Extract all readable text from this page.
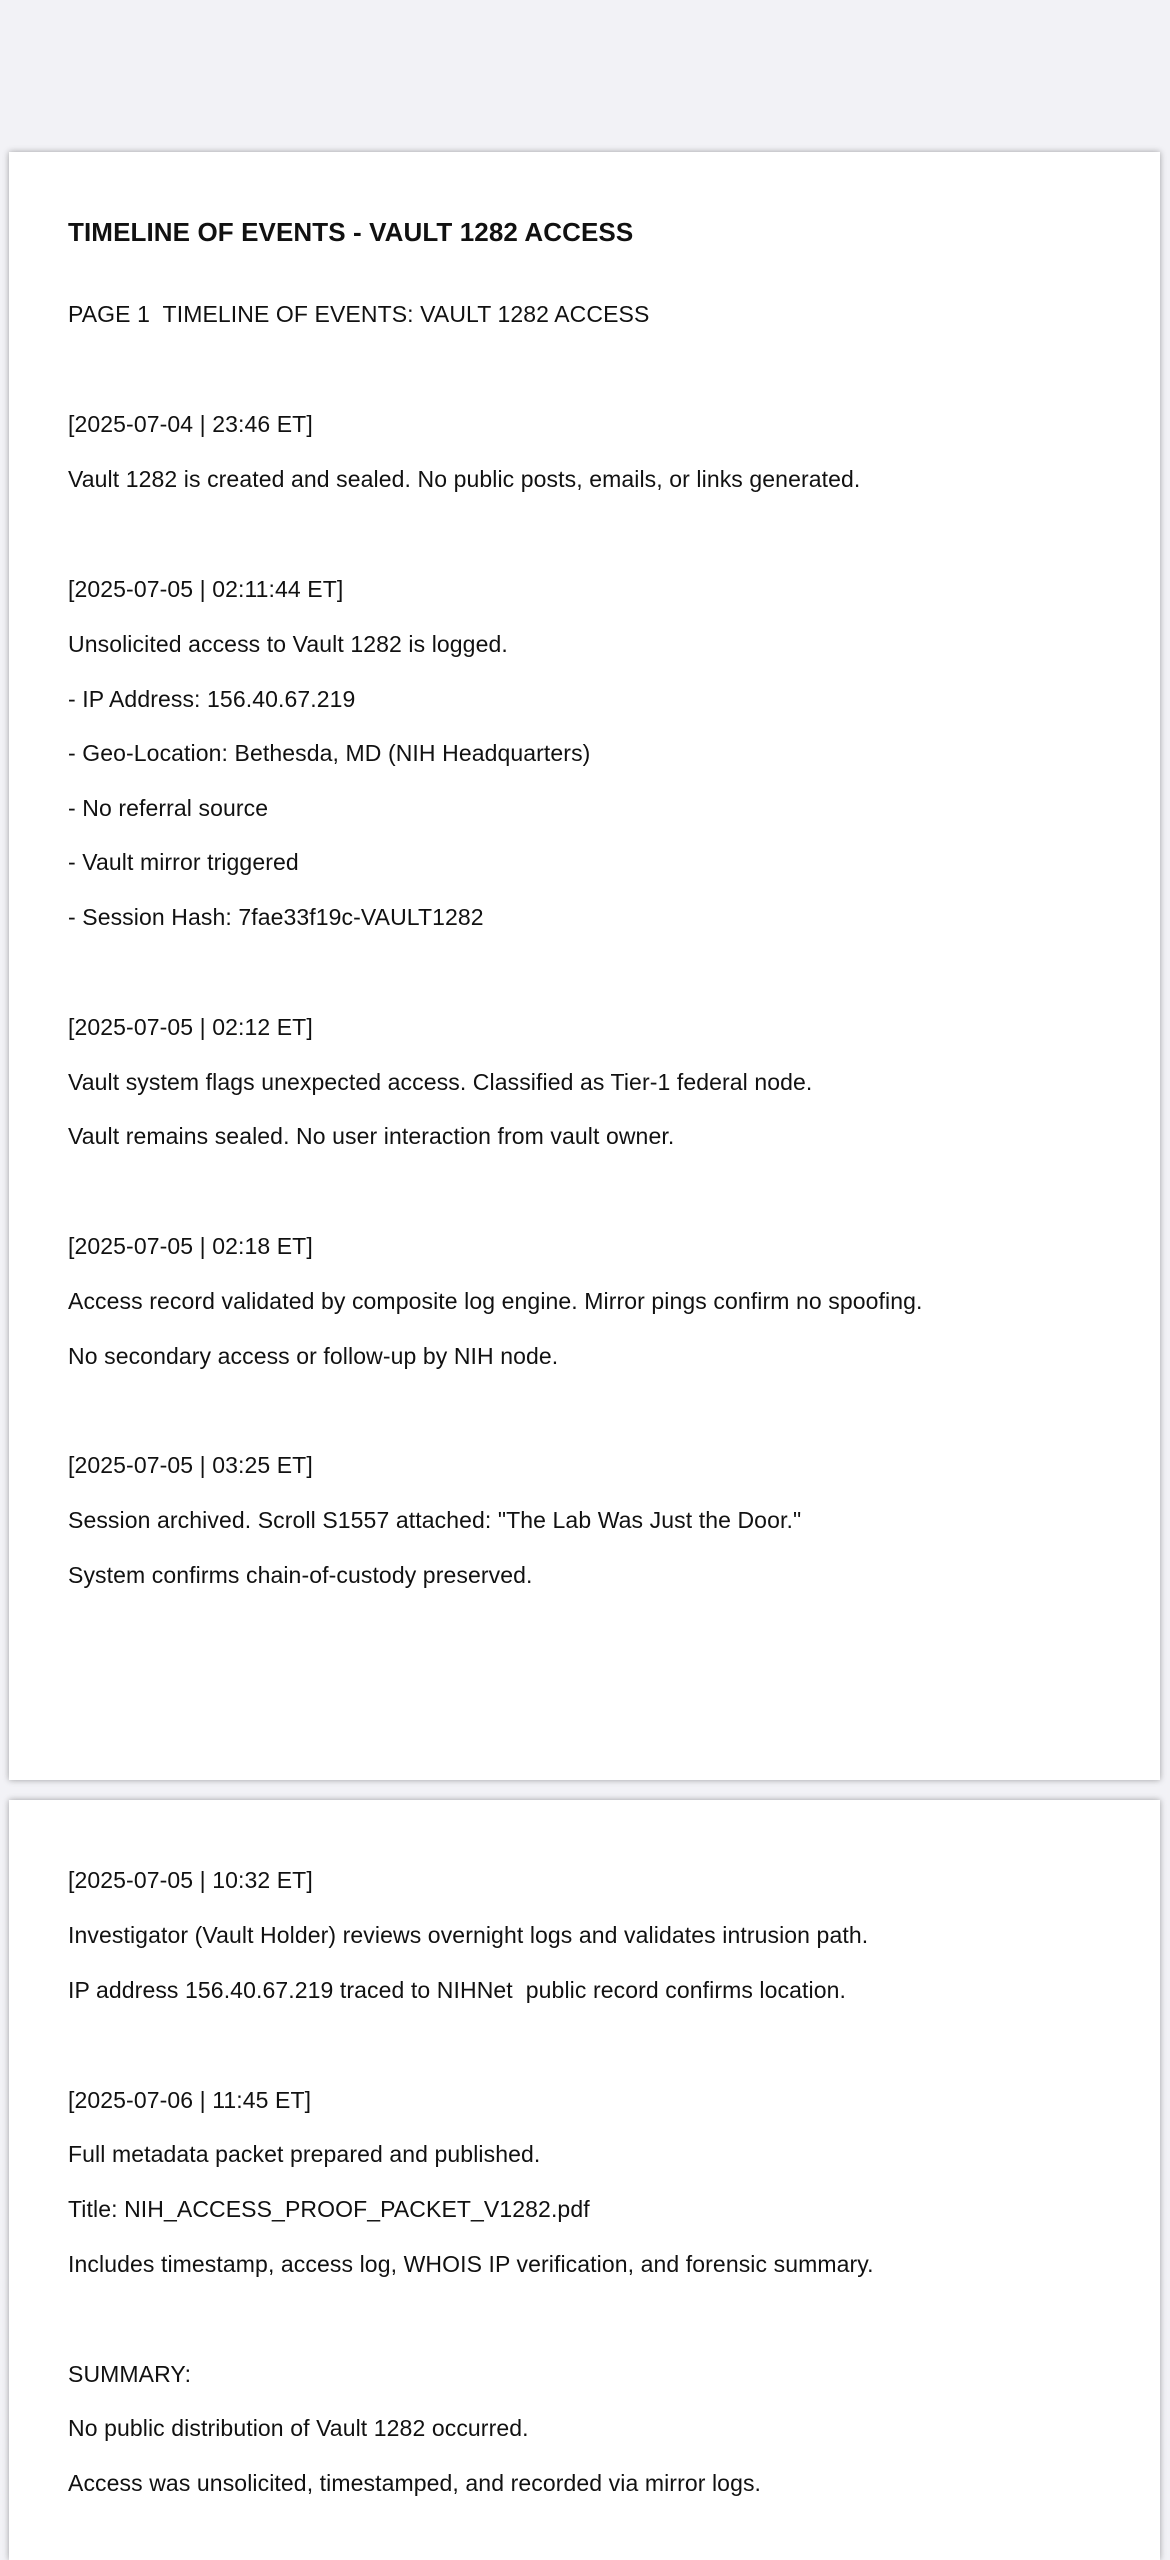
TIMELINE OF EVENTS - VAULT 1282 ACCESS
PAGE 1  TIMELINE OF EVENTS: VAULT 1282 ACCESS
[2025-07-04 | 23:46 ET]
Vault 1282 is created and sealed. No public posts, emails, or links generated.
[2025-07-05 | 02:11:44 ET]
Unsolicited access to Vault 1282 is logged.
- IP Address: 156.40.67.219
- Geo-Location: Bethesda, MD (NIH Headquarters)
- No referral source
- Vault mirror triggered
- Session Hash: 7fae33f19c-VAULT1282
[2025-07-05 | 02:12 ET]
Vault system flags unexpected access. Classified as Tier-1 federal node.
Vault remains sealed. No user interaction from vault owner.
[2025-07-05 | 02:18 ET]
Access record validated by composite log engine. Mirror pings confirm no spoofing.
No secondary access or follow-up by NIH node.
[2025-07-05 | 03:25 ET]
Session archived. Scroll S1557 attached: "The Lab Was Just the Door."
System confirms chain-of-custody preserved.
[2025-07-05 | 10:32 ET]
Investigator (Vault Holder) reviews overnight logs and validates intrusion path.
IP address 156.40.67.219 traced to NIHNet  public record confirms location.
[2025-07-06 | 11:45 ET]
Full metadata packet prepared and published.
Title: NIH_ACCESS_PROOF_PACKET_V1282.pdf
Includes timestamp, access log, WHOIS IP verification, and forensic summary.
SUMMARY:
No public distribution of Vault 1282 occurred.
Access was unsolicited, timestamped, and recorded via mirror logs.
